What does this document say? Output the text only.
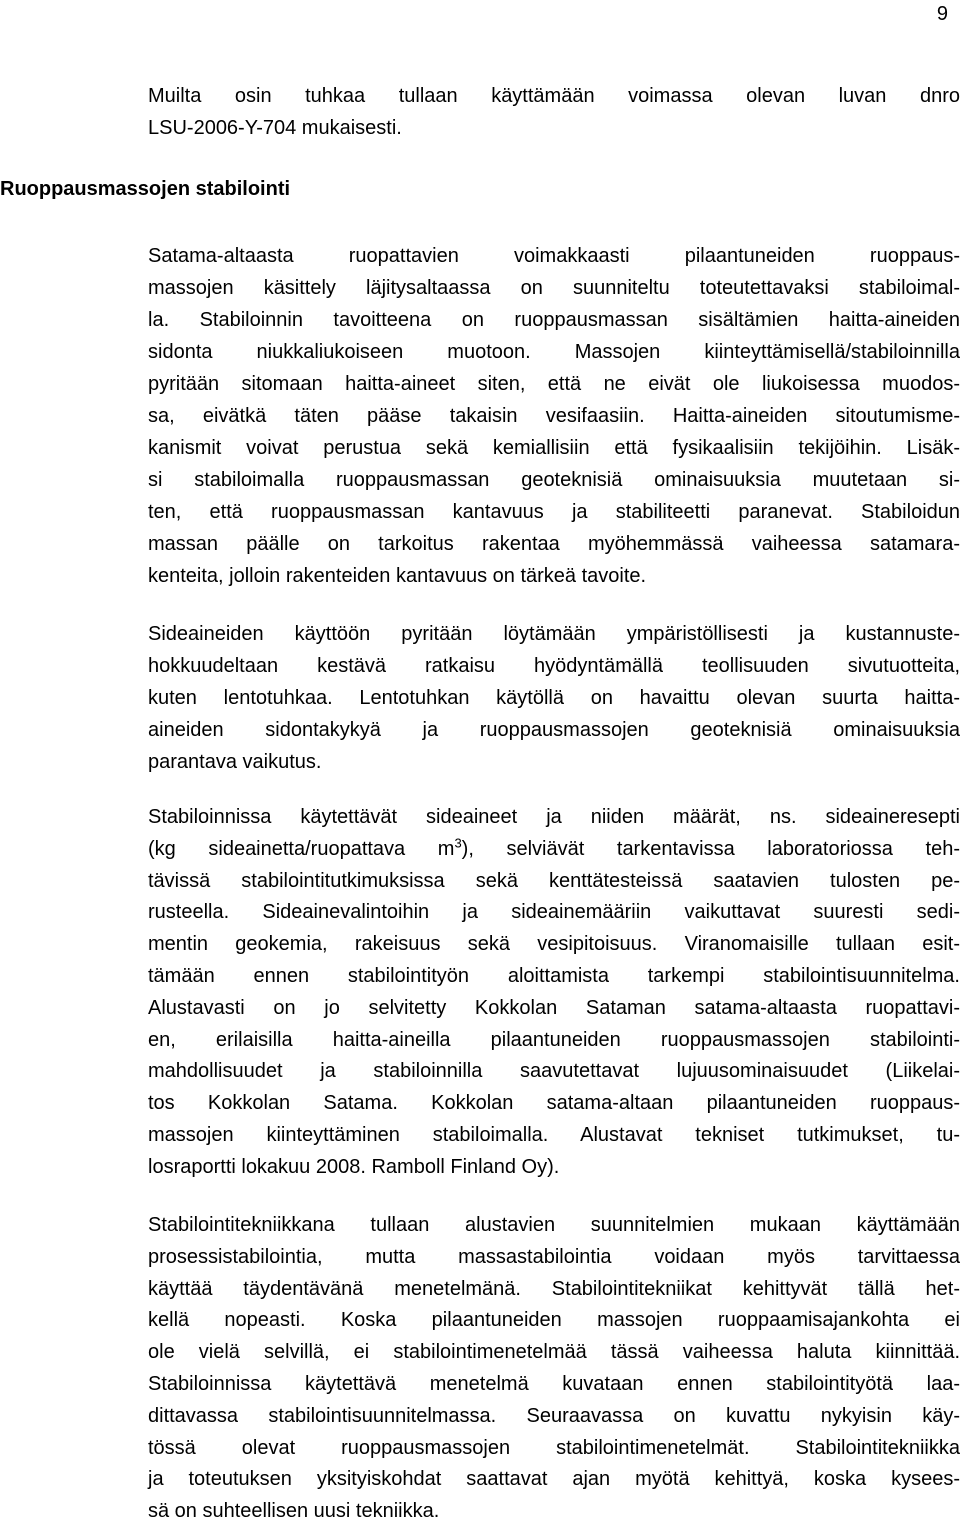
9
Muilta osin tuhkaa tullaan käyttämään voimassa olevan luvan dnro
LSU-2006-Y-704 mukaisesti.
Ruoppausmassojen stabilointi
Satama-altaasta ruopattavien voimakkaasti pilaantuneiden ruoppaus-
massojen käsittely läjitysaltaassa on suunniteltu toteutettavaksi stabiloimal-
la. Stabiloinnin tavoitteena on ruoppausmassan sisältämien haitta-aineiden
sidonta niukkaliukoiseen muotoon. Massojen kiinteyttämisellä/stabiloinnilla
pyritään sitomaan haitta-aineet siten, että ne eivät ole liukoisessa muodos-
sa, eivätkä täten pääse takaisin vesifaasiin. Haitta-aineiden sitoutumisme-
kanismit voivat perustua sekä kemiallisiin että fysikaalisiin tekijöihin. Lisäk-
si stabiloimalla ruoppausmassan geoteknisiä ominaisuuksia muutetaan si-
ten, että ruoppausmassan kantavuus ja stabiliteetti paranevat. Stabiloidun
massan päälle on tarkoitus rakentaa myöhemmässä vaiheessa satamara-
kenteita, jolloin rakenteiden kantavuus on tärkeä tavoite.
Sideaineiden käyttöön pyritään löytämään ympäristöllisesti ja kustannuste-
hokkuudeltaan kestävä ratkaisu hyödyntämällä teollisuuden sivutuotteita,
kuten lentotuhkaa. Lentotuhkan käytöllä on havaittu olevan suurta haitta-
aineiden sidontakykyä ja ruoppausmassojen geoteknisiä ominaisuuksia
parantava vaikutus.
Stabiloinnissa käytettävät sideaineet ja niiden määrät, ns. sideaineresepti
(kg sideainetta/ruopattava $m^3$), selviävät tarkentavissa laboratoriossa teh-
tävissä stabilointitutkimuksissa sekä kenttätesteissä saatavien tulosten pe-
rusteella. Sideainevalintoihin ja sideainemääriin vaikuttavat suuresti sedi-
mentin geokemia, rakeisuus sekä vesipitoisuus. Viranomaisille tullaan esit-
tämään ennen stabilointityön aloittamista tarkempi stabilointisuunnitelma.
Alustavasti on jo selvitetty Kokkolan Sataman satama-altaasta ruopattavi-
en, erilaisilla haitta-aineilla pilaantuneiden ruoppausmassojen stabilointi-
mahdollisuudet ja stabiloinnilla saavutettavat lujuusominaisuudet (Liikelai-
tos Kokkolan Satama. Kokkolan satama-altaan pilaantuneiden ruoppaus-
massojen kiinteyttäminen stabiloimalla. Alustavat tekniset tutkimukset, tu-
losraportti lokakuu 2008. Ramboll Finland Oy).
Stabilointitekniikkana tullaan alustavien suunnitelmien mukaan käyttämään
prosessistabilointia, mutta massastabilointia voidaan myös tarvittaessa
käyttää täydentävänä menetelmänä. Stabilointitekniikat kehittyvät tällä het-
kellä nopeasti. Koska pilaantuneiden massojen ruoppaamisajankohta ei
ole vielä selvillä, ei stabilointimenetelmää tässä vaiheessa haluta kiinnittää.
Stabiloinnissa käytettävä menetelmä kuvataan ennen stabilointityötä laa-
dittavassa stabilointisuunnitelmassa. Seuraavassa on kuvattu nykyisin käy-
tössä olevat ruoppausmassojen stabilointimenetelmät. Stabilointitekniikka
ja toteutuksen yksityiskohdat saattavat ajan myötä kehittyä, koska kysees-
sä on suhteellisen uusi tekniikka.
